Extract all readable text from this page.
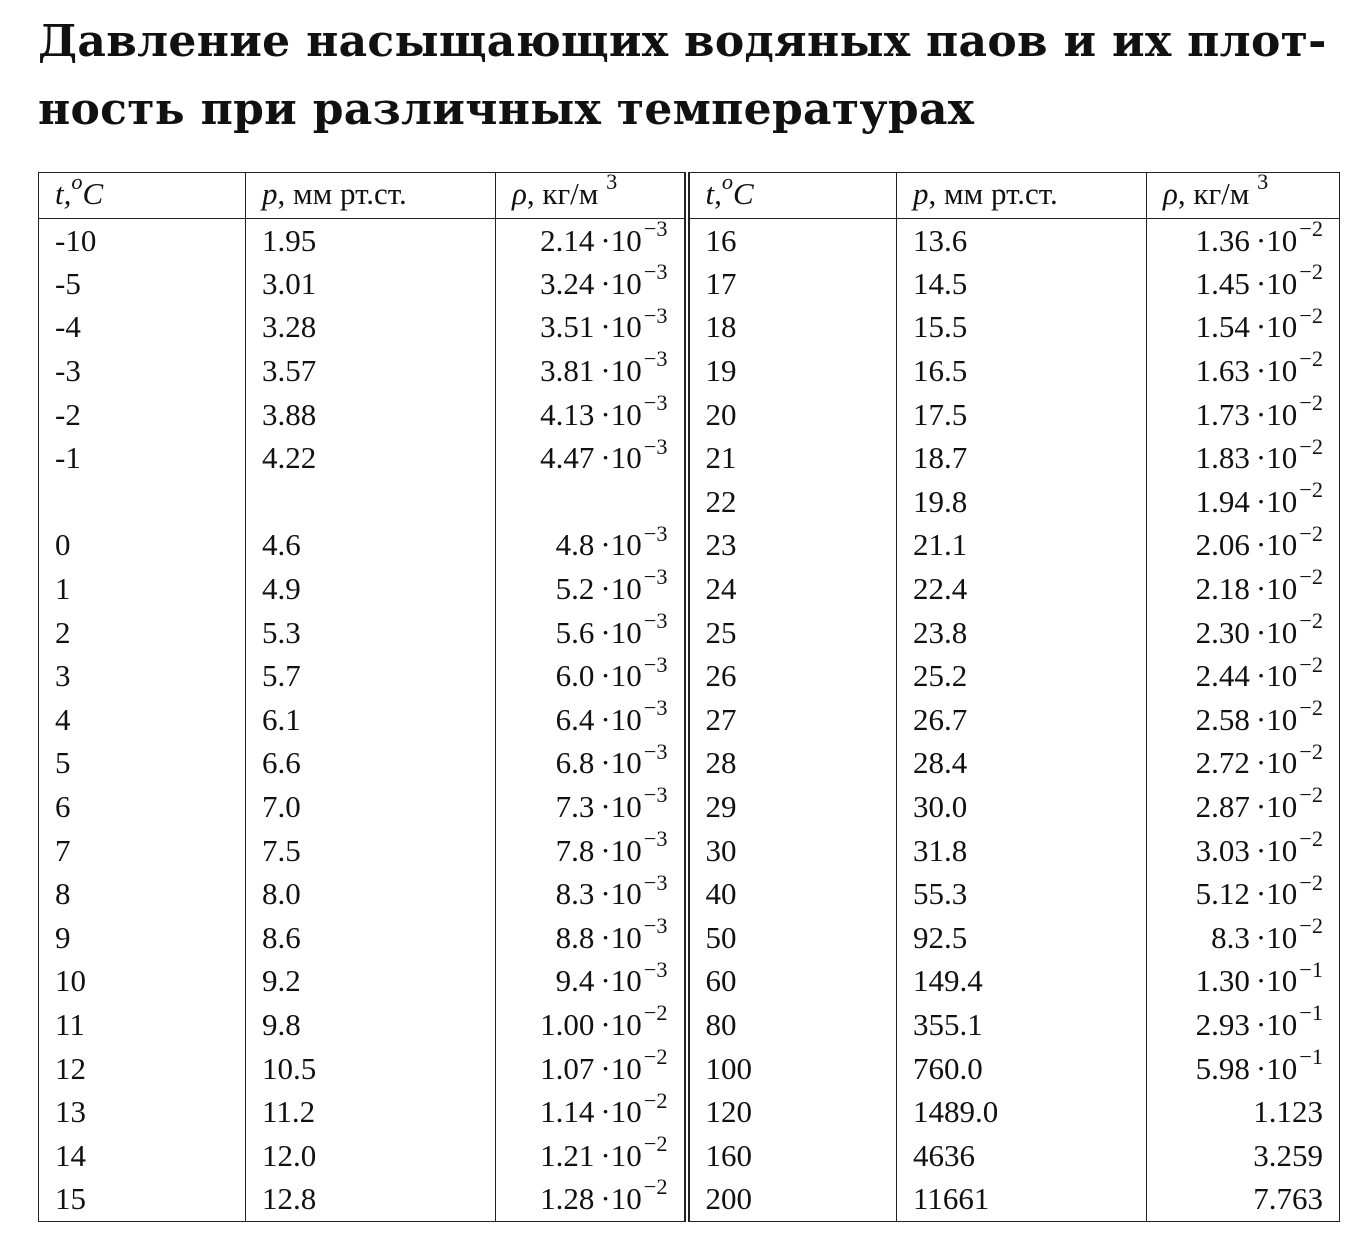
Давление насыщающих водяных паов и их плот-
ность при различных температурах
t,$^o$C	p, мм рт.ст.	ρ, кг/м $^3$	t,$^o$C	p, мм рт.ст.	ρ, кг/м $^3$
-10	1.95	$2.14 \cdot 10^{-3}$	16	13.6	$1.36 \cdot 10^{-2}$
-5	3.01	$3.24 \cdot 10^{-3}$	17	14.5	$1.45 \cdot 10^{-2}$
-4	3.28	$3.51 \cdot 10^{-3}$	18	15.5	$1.54 \cdot 10^{-2}$
-3	3.57	$3.81 \cdot 10^{-3}$	19	16.5	$1.63 \cdot 10^{-2}$
-2	3.88	$4.13 \cdot 10^{-3}$	20	17.5	$1.73 \cdot 10^{-2}$
-1	4.22	$4.47 \cdot 10^{-3}$	21	18.7	$1.83 \cdot 10^{-2}$
			22	19.8	$1.94 \cdot 10^{-2}$
0	4.6	$4.8 \cdot 10^{-3}$	23	21.1	$2.06 \cdot 10^{-2}$
1	4.9	$5.2 \cdot 10^{-3}$	24	22.4	$2.18 \cdot 10^{-2}$
2	5.3	$5.6 \cdot 10^{-3}$	25	23.8	$2.30 \cdot 10^{-2}$
3	5.7	$6.0 \cdot 10^{-3}$	26	25.2	$2.44 \cdot 10^{-2}$
4	6.1	$6.4 \cdot 10^{-3}$	27	26.7	$2.58 \cdot 10^{-2}$
5	6.6	$6.8 \cdot 10^{-3}$	28	28.4	$2.72 \cdot 10^{-2}$
6	7.0	$7.3 \cdot 10^{-3}$	29	30.0	$2.87 \cdot 10^{-2}$
7	7.5	$7.8 \cdot 10^{-3}$	30	31.8	$3.03 \cdot 10^{-2}$
8	8.0	$8.3 \cdot 10^{-3}$	40	55.3	$5.12 \cdot 10^{-2}$
9	8.6	$8.8 \cdot 10^{-3}$	50	92.5	$8.3 \cdot 10^{-2}$
10	9.2	$9.4 \cdot 10^{-3}$	60	149.4	$1.30 \cdot 10^{-1}$
11	9.8	$1.00 \cdot 10^{-2}$	80	355.1	$2.93 \cdot 10^{-1}$
12	10.5	$1.07 \cdot 10^{-2}$	100	760.0	$5.98 \cdot 10^{-1}$
13	11.2	$1.14 \cdot 10^{-2}$	120	1489.0	1.123
14	12.0	$1.21 \cdot 10^{-2}$	160	4636	3.259
15	12.8	$1.28 \cdot 10^{-2}$	200	11661	7.763
